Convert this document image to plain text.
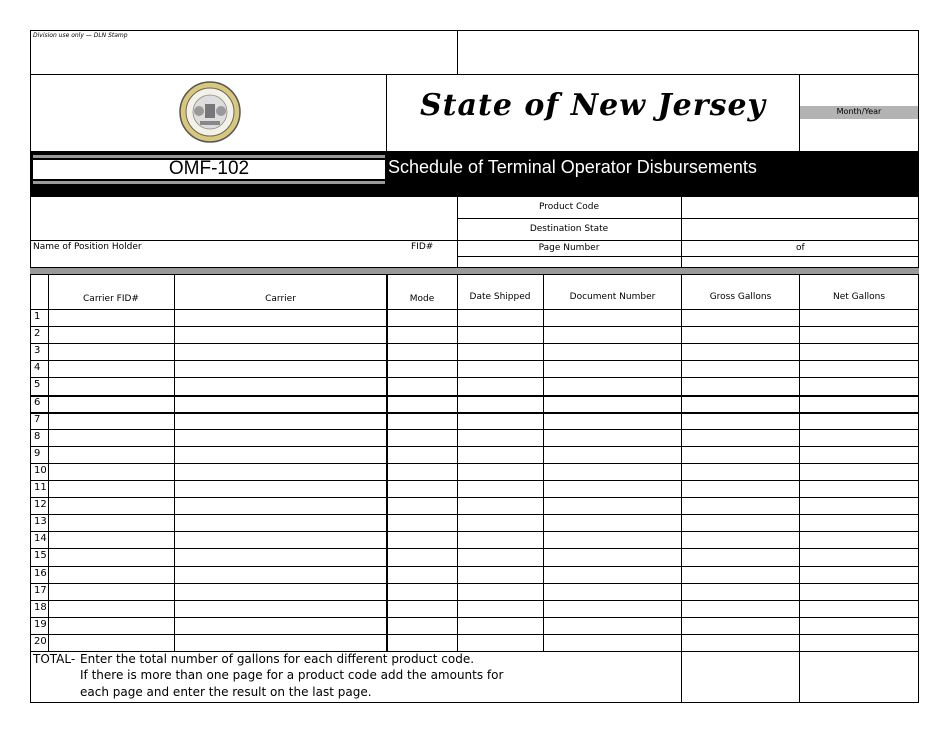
Division use only — DLN Stamp
State of New Jersey	Month/Year
OMF-102	Schedule of Terminal Operator Disbursements
Name of Position Holder	FID#
Product Code
Destination State
Page Number	of
Carrier FID#	Carrier	Mode	Date Shipped	Document Number	Gross Gallons	Net Gallons
1
2
3
4
5
6
7
8
9
10
11
12
13
14
15
16
17
18
19
20
TOTAL- Enter the total number of gallons for each different product code.
If there is more than one page for a product code add the amounts for
each page and enter the result on the last page.
